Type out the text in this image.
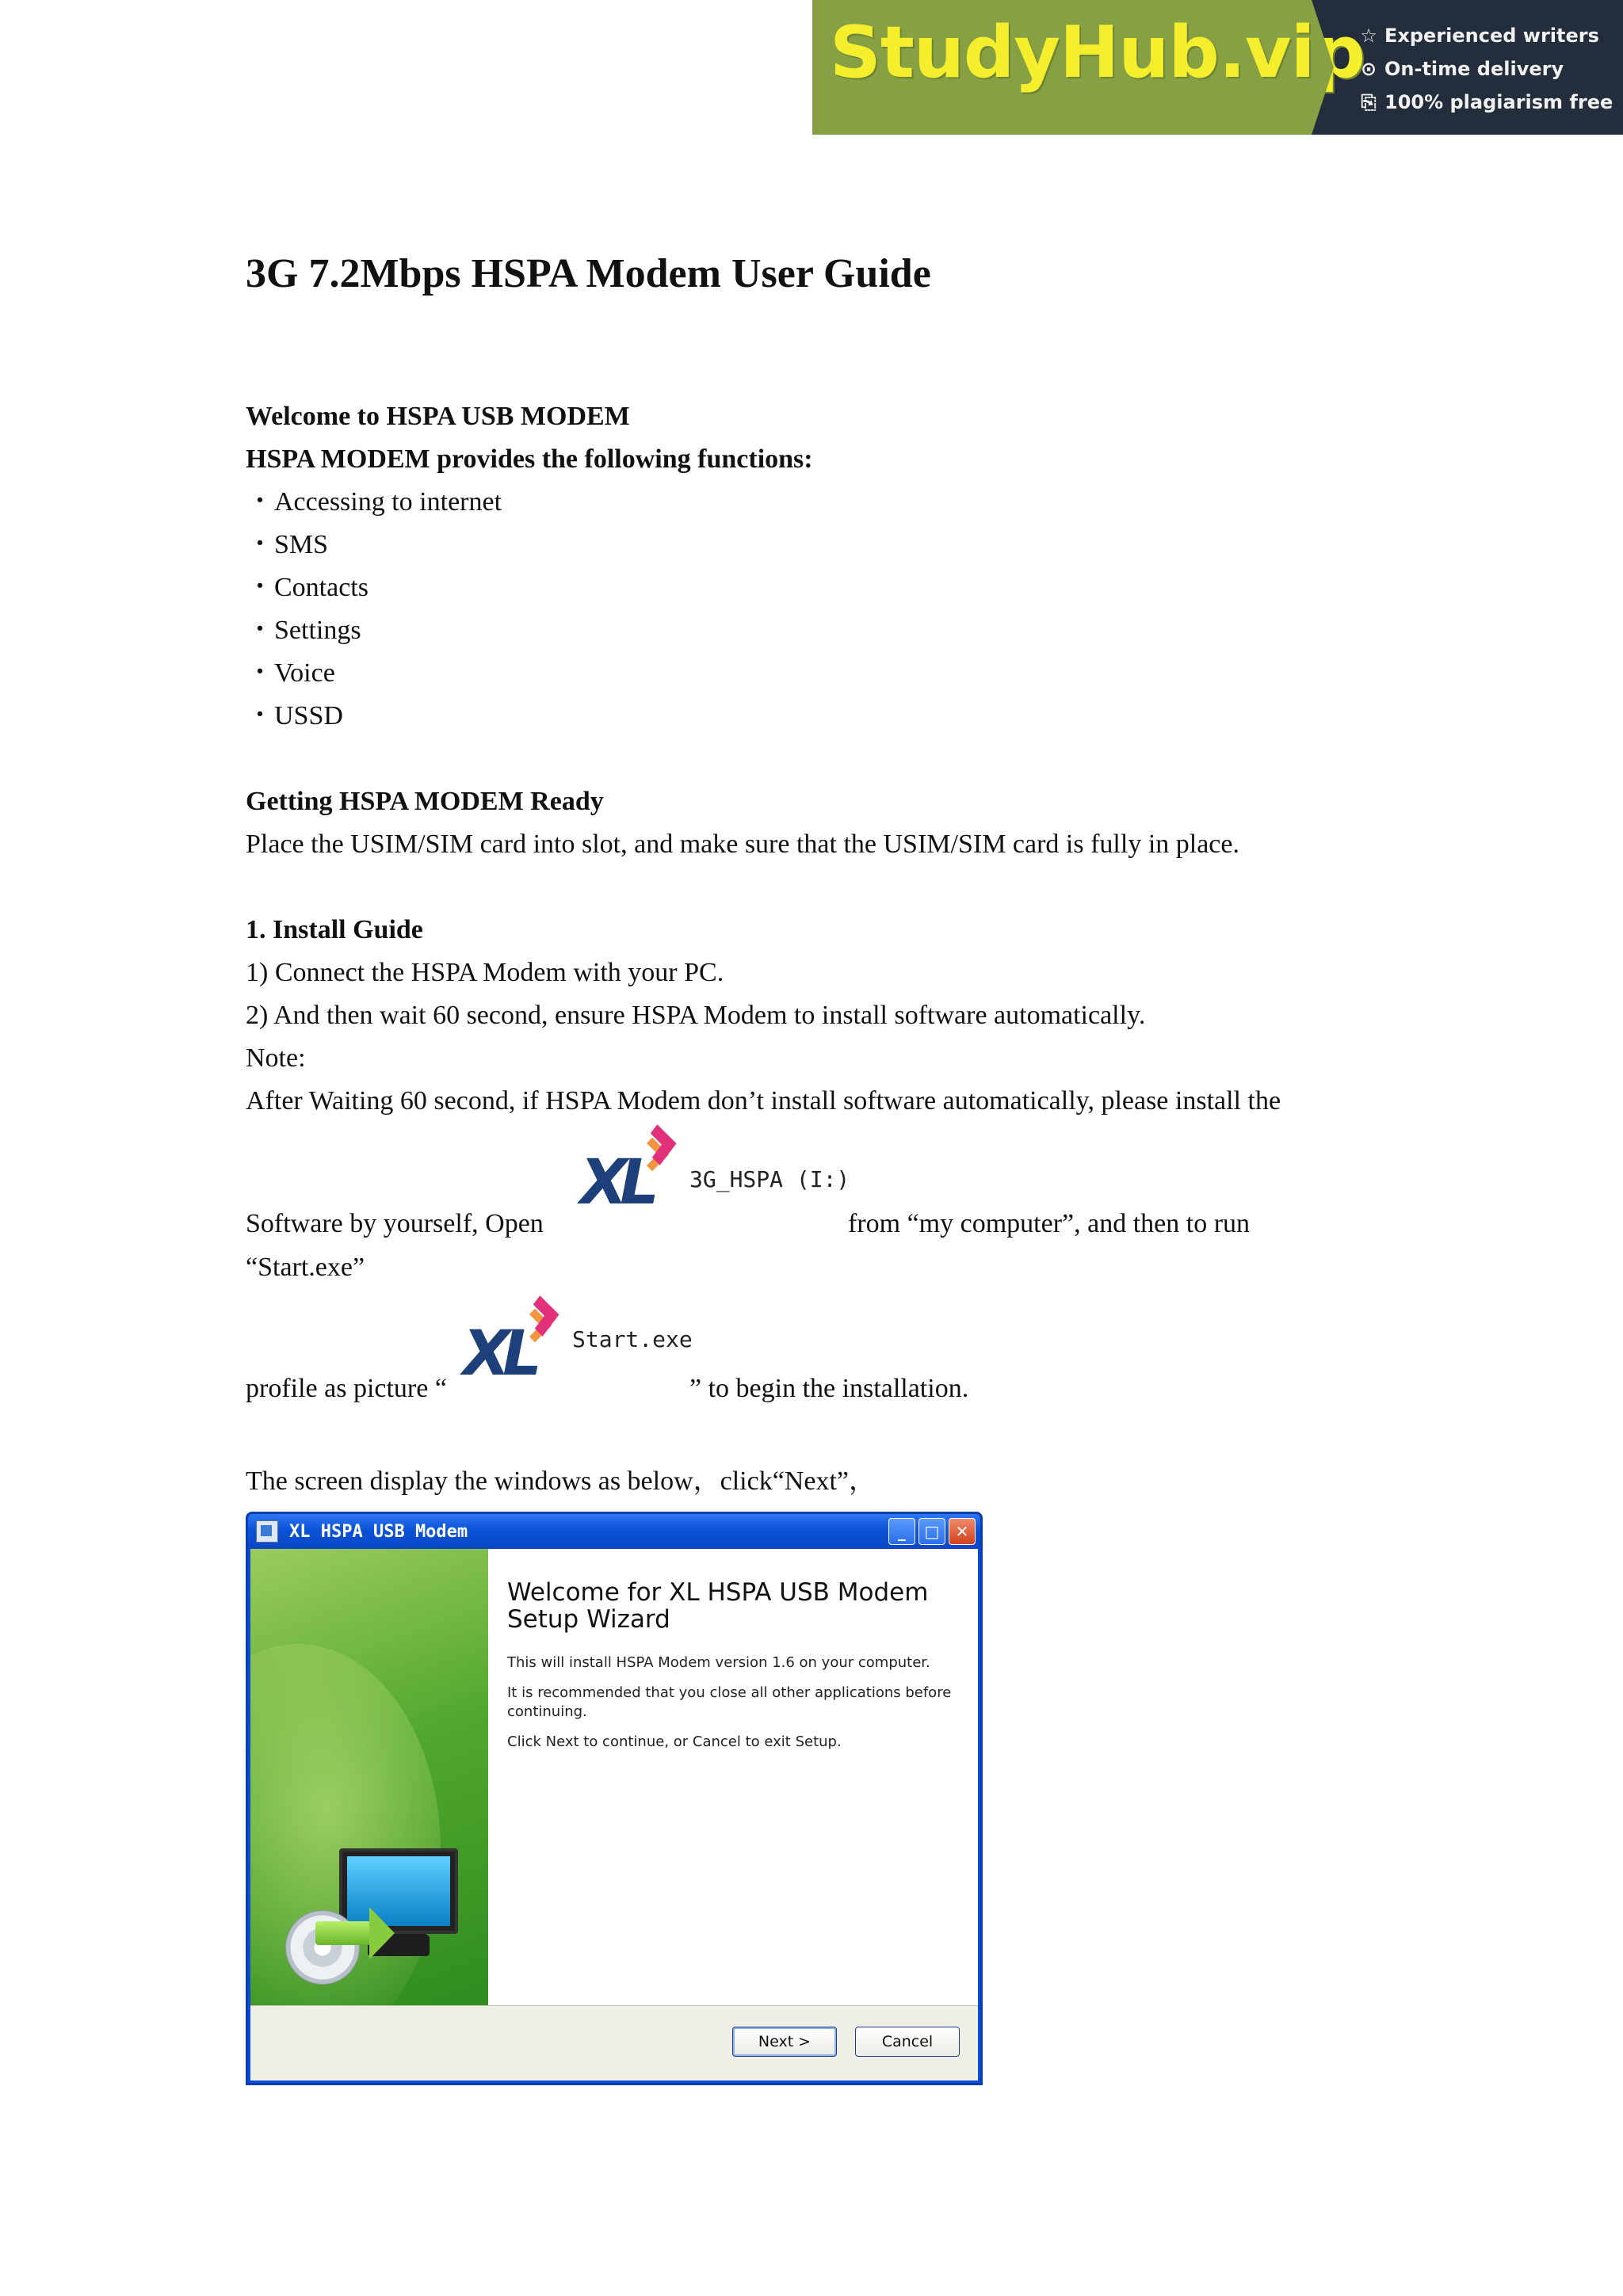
StudyHub.vip
☆ Experienced writers
⊙ On-time delivery
⎘ 100% plagiarism free
3G 7.2Mbps HSPA Modem User Guide
Welcome to HSPA USB MODEM
HSPA MODEM provides the following functions:
・Accessing to internet
・SMS
・Contacts
・Settings
・Voice
・USSD
Getting HSPA MODEM Ready
Place the USIM/SIM card into slot, and make sure that the USIM/SIM card is fully in place.
1. Install Guide
1) Connect the HSPA Modem with your PC.
2) And then wait 60 second, ensure HSPA Modem to install software automatically.
Note:
After Waiting 60 second, if HSPA Modem don’t install software automatically, please install the
XL 3G_HSPA (I:)
Software by yourself, Open	from “my computer”, and then to run
“Start.exe”
XL Start.exe
profile as picture “	” to begin the installation.
The screen display the windows as below，click“Next”，
XL HSPA USB Modem	_	□	✕

Welcome for XL HSPA USB Modem Setup Wizard

This will install HSPA Modem version 1.6 on your computer.

It is recommended that you close all other applications before continuing.

Click Next to continue, or Cancel to exit Setup.

Next >	Cancel
